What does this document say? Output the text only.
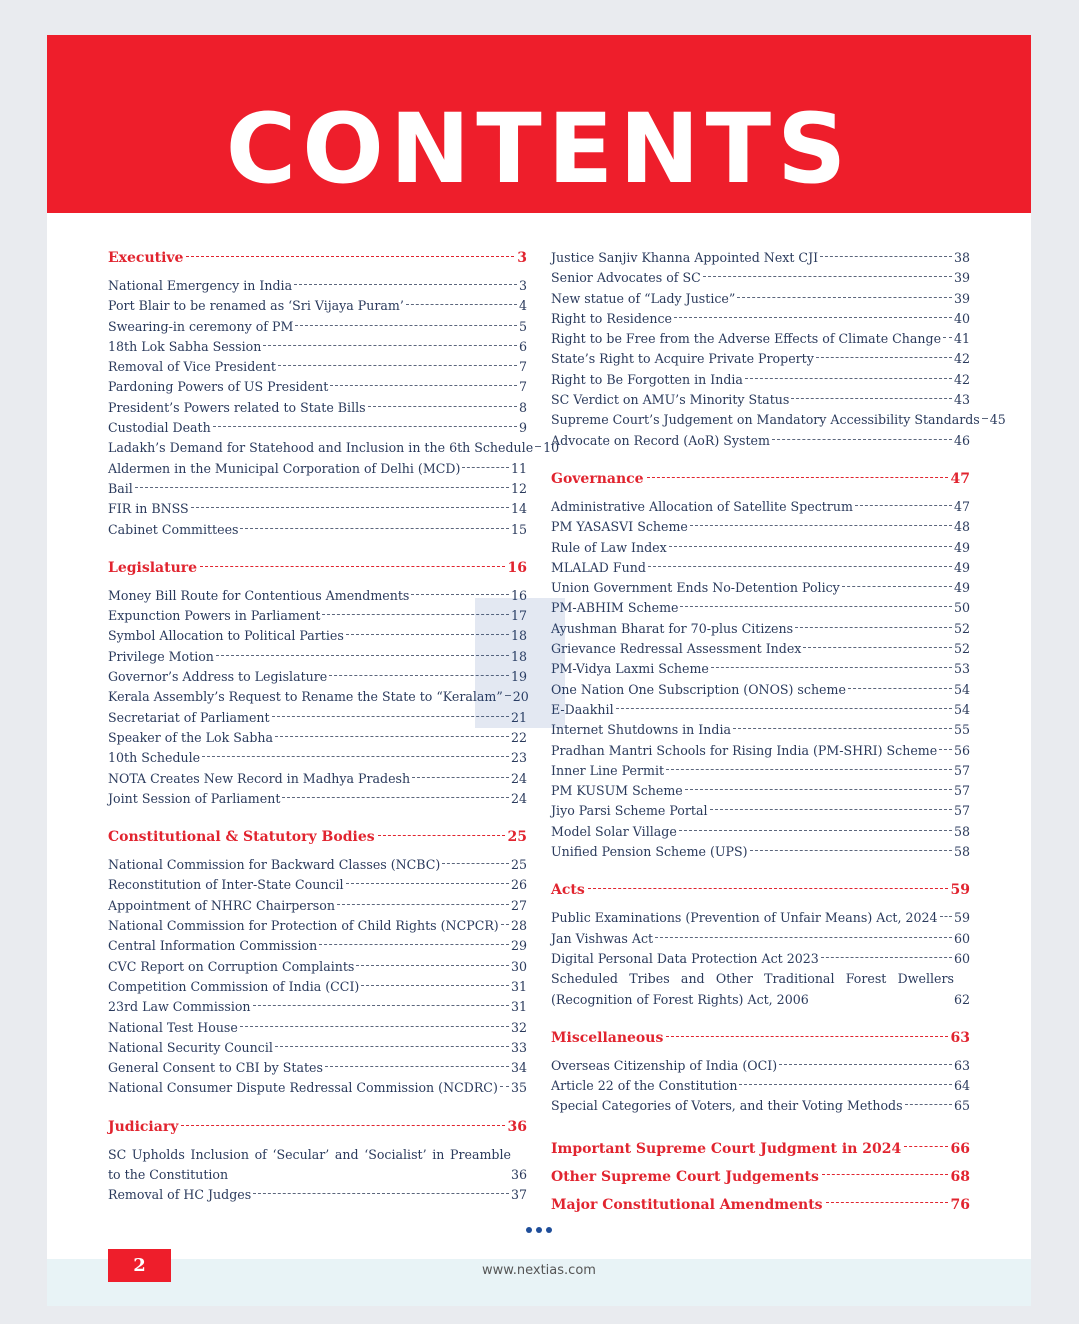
CONTENTS
Executive	3
National Emergency in India	3
Port Blair to be renamed as ‘Sri Vijaya Puram’	4
Swearing-in ceremony of PM	5
18th Lok Sabha Session	6
Removal of Vice President	7
Pardoning Powers of US President	7
President’s Powers related to State Bills	8
Custodial Death	9
Ladakh’s Demand for Statehood and Inclusion in the 6th Schedule 10
Aldermen in the Municipal Corporation of Delhi (MCD)	11
Bail	12
FIR in BNSS	14
Cabinet Committees	15
Legislature	16
Money Bill Route for Contentious Amendments	16
Expunction Powers in Parliament	17
Symbol Allocation to Political Parties	18
Privilege Motion	18
Governor’s Address to Legislature	19
Kerala Assembly’s Request to Rename the State to “Keralam” 20
Secretariat of Parliament	21
Speaker of the Lok Sabha	22
10th Schedule	23
NOTA Creates New Record in Madhya Pradesh	24
Joint Session of Parliament	24
Constitutional & Statutory Bodies	25
National Commission for Backward Classes (NCBC)	25
Reconstitution of Inter-State Council	26
Appointment of NHRC Chairperson	27
National Commission for Protection of Child Rights (NCPCR) 28
Central Information Commission	29
CVC Report on Corruption Complaints	30
Competition Commission of India (CCI)	31
23rd Law Commission	31
National Test House	32
National Security Council	33
General Consent to CBI by States	34
National Consumer Dispute Redressal Commission (NCDRC) 35
Judiciary	36
SC Upholds Inclusion of ‘Secular’ and ‘Socialist’ in Preamble to the Constitution	36
Removal of HC Judges	37
Justice Sanjiv Khanna Appointed Next CJI	38
Senior Advocates of SC	39
New statue of “Lady Justice”	39
Right to Residence	40
Right to be Free from the Adverse Effects of Climate Change 41
State’s Right to Acquire Private Property	42
Right to Be Forgotten in India	42
SC Verdict on AMU’s Minority Status	43
Supreme Court’s Judgement on Mandatory Accessibility Standards 45
Advocate on Record (AoR) System	46
Governance	47
Administrative Allocation of Satellite Spectrum	47
PM YASASVI Scheme	48
Rule of Law Index	49
MLALAD Fund	49
Union Government Ends No-Detention Policy	49
PM-ABHIM Scheme	50
Ayushman Bharat for 70-plus Citizens	52
Grievance Redressal Assessment Index	52
PM-Vidya Laxmi Scheme	53
One Nation One Subscription (ONOS) scheme	54
E-Daakhil	54
Internet Shutdowns in India	55
Pradhan Mantri Schools for Rising India (PM-SHRI) Scheme 56
Inner Line Permit	57
PM KUSUM Scheme	57
Jiyo Parsi Scheme Portal	57
Model Solar Village	58
Unified Pension Scheme (UPS)	58
Acts	59
Public Examinations (Prevention of Unfair Means) Act, 2024 59
Jan Vishwas Act	60
Digital Personal Data Protection Act 2023	60
Scheduled Tribes and Other Traditional Forest Dwellers (Recognition of Forest Rights) Act, 2006	62
Miscellaneous	63
Overseas Citizenship of India (OCI)	63
Article 22 of the Constitution	64
Special Categories of Voters, and their Voting Methods	65
Important Supreme Court Judgment in 2024	66
Other Supreme Court Judgements	68
Major Constitutional Amendments	76
2	www.nextias.com
